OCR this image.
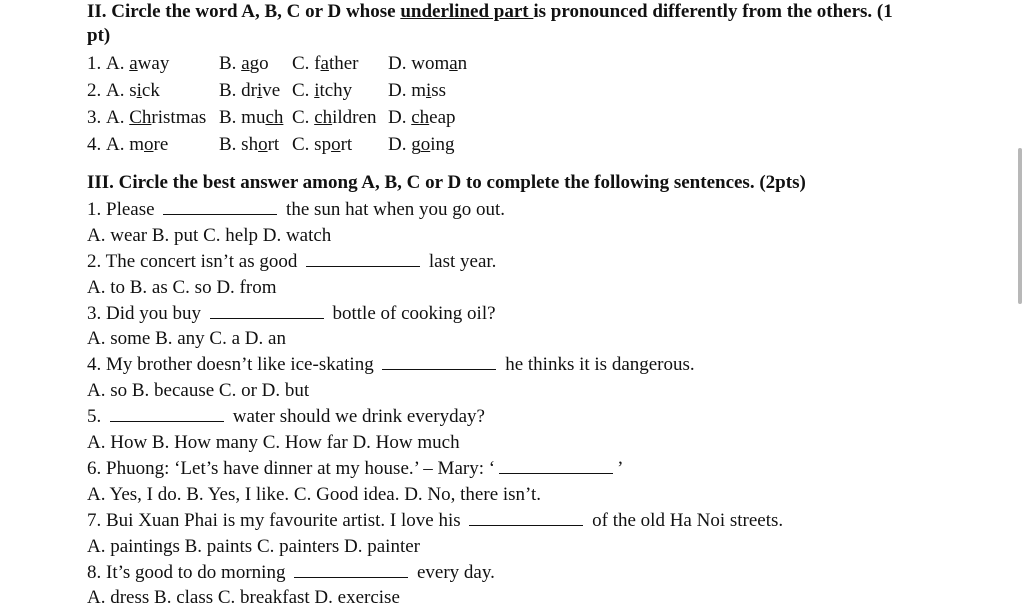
II. Circle the word A, B, C or D whose underlined part is pronounced differently from the others. (1
pt)
1. A. away	B. ago C. father D. woman
2. A. sick	B. drive C. itchy D. miss
3. A. Christmas B. much C. children D. cheap
4. A. more	B. short C. sport D. going
III. Circle the best answer among A, B, C or D to complete the following sentences. (2pts)
1. Please	the sun hat when you go out.
A. wear B. put C. help D. watch
2. The concert isn’t as good	last year.
A. to B. as C. so D. from
3. Did you buy	bottle of cooking oil?
A. some B. any C. a D. an
4. My brother doesn’t like ice-skating	he thinks it is dangerous.
A. so B. because C. or D. but
5.	water should we drink everyday?
A. How B. How many C. How far D. How much
6. Phuong: ‘Let’s have dinner at my house.’ – Mary: ‘	’
A. Yes, I do. B. Yes, I like. C. Good idea. D. No, there isn’t.
7. Bui Xuan Phai is my favourite artist. I love his	of the old Ha Noi streets.
A. paintings B. paints C. painters D. painter
8. It’s good to do morning	every day.
A. dress B. class C. breakfast D. exercise
